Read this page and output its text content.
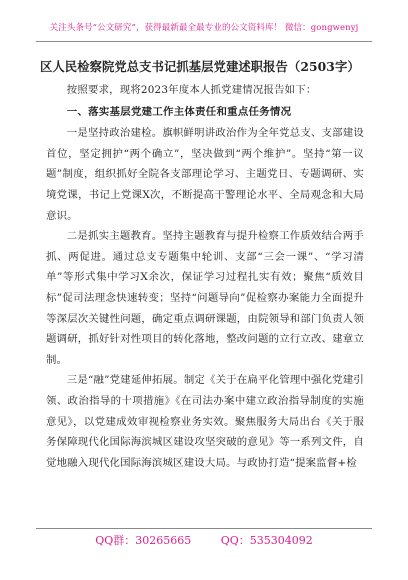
关注头条号“公文研究”，获得最新最全最专业的公文资料库！ 微信：gongwenyj
区人民检察院党总支书记抓基层党建述职报告（2503字）

按照要求，现将2023年度本人抓党建情况报告如下：

一、落实基层党建工作主体责任和重点任务情况

一是坚持政治建检。旗帜鲜明讲政治作为全年党总支、支部建设首位，坚定拥护“两个确立”，坚决做到“两个维护”。坚持“第一议题”制度，组织抓好全院各支部理论学习、主题党日、专题调研、实境党课，书记上党课X次，不断提高干警理论水平、全局观念和大局意识。

二是抓实主题教育。坚持主题教育与提升检察工作质效结合两手抓、两促进。通过总支专题集中轮训、支部“三会一课”、“学习清单”等形式集中学习X余次，保证学习过程扎实有效；聚焦“质效目标”促司法理念快速转变；坚持“问题导向”促检察办案能力全面提升等深层次关键性问题，确定重点调研课题，由院领导和部门负责人领题调研，抓好针对性项目的转化落地，整改问题的立行立改、建章立制。

三是“融”党建延伸拓展。制定《关于在扁平化管理中强化党建引领、政治指导的十项措施》《在司法办案中建立政治指导制度的实施意见》，以党建成效审视检察业务实效。聚焦服务大局出台《关于服务保障现代化国际海滨城区建设攻坚突破的意见》等一系列文件，自觉地融入现代化国际海滨城区建设大局。与政协打造“提案监督+检

QQ群：30265665	QQ：535304092
